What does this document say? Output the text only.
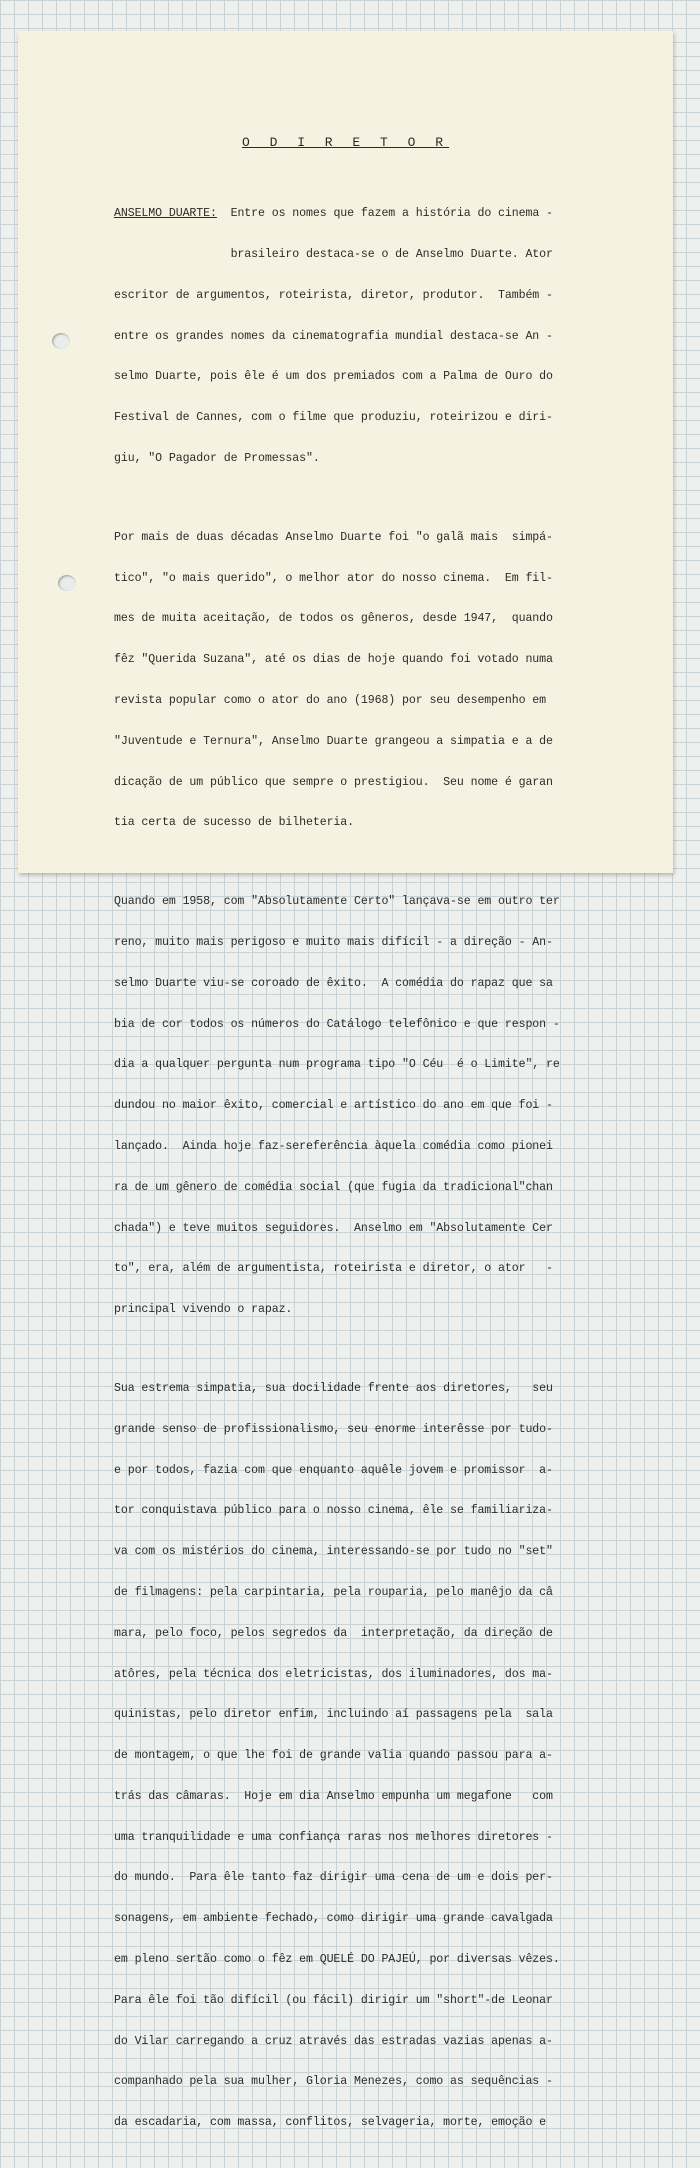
O D I R E T O R

ANSELMO DUARTE:  Entre os nomes que fazem a história do cinema -

brasileiro destaca-se o de Anselmo Duarte. Ator

escritor de argumentos, roteirista, diretor, produtor.  Também -

entre os grandes nomes da cinematografia mundial destaca-se An -

selmo Duarte, pois êle é um dos premiados com a Palma de Ouro do

Festival de Cannes, com o filme que produziu, roteirizou e diri-

giu, "O Pagador de Promessas".

Por mais de duas décadas Anselmo Duarte foi "o galã mais  simpá-

tico", "o mais querido", o melhor ator do nosso cinema.  Em fil-

mes de muita aceitação, de todos os gêneros, desde 1947,  quando

fêz "Querida Suzana", até os dias de hoje quando foi votado numa

revista popular como o ator do ano (1968) por seu desempenho em

"Juventude e Ternura", Anselmo Duarte grangeou a simpatia e a de

dicação de um público que sempre o prestigiou.  Seu nome é garan

tia certa de sucesso de bilheteria.

Quando em 1958, com "Absolutamente Certo" lançava-se em outro ter

reno, muito mais perigoso e muito mais difícil - a direção - An-

selmo Duarte viu-se coroado de êxito.  A comédia do rapaz que sa

bia de cor todos os números do Catálogo telefônico e que respon -

dia a qualquer pergunta num programa tipo "O Céu  é o Limite", re

dundou no maior êxito, comercial e artístico do ano em que foi -

lançado.  Ainda hoje faz-sereferência àquela comédia como pionei

ra de um gênero de comédia social (que fugia da tradicional"chan

chada") e teve muitos seguidores.  Anselmo em "Absolutamente Cer

to", era, além de argumentista, roteirista e diretor, o ator   -

principal vivendo o rapaz.

Sua estrema simpatia, sua docilidade frente aos diretores,   seu

grande senso de profissionalismo, seu enorme interêsse por tudo-

e por todos, fazia com que enquanto aquêle jovem e promissor  a-

tor conquistava público para o nosso cinema, êle se familiariza-

va com os mistérios do cinema, interessando-se por tudo no "set"

de filmagens: pela carpintaria, pela rouparia, pelo manêjo da câ

mara, pelo foco, pelos segredos da  interpretação, da direção de

atôres, pela técnica dos eletricistas, dos iluminadores, dos ma-

quinistas, pelo diretor enfim, incluindo aí passagens pela  sala

de montagem, o que lhe foi de grande valia quando passou para a-

trás das câmaras.  Hoje em dia Anselmo empunha um megafone   com

uma tranquilidade e uma confiança raras nos melhores diretores -

do mundo.  Para êle tanto faz dirigir uma cena de um e dois per-

sonagens, em ambiente fechado, como dirigir uma grande cavalgada

em pleno sertão como o fêz em QUELÉ DO PAJEÚ, por diversas vêzes.

Para êle foi tão difícil (ou fácil) dirigir um "short"-de Leonar

do Vilar carregando a cruz através das estradas vazias apenas a-

companhado pela sua mulher, Gloria Menezes, como as sequências -

da escadaria, com massa, conflitos, selvageria, morte, emoção e
